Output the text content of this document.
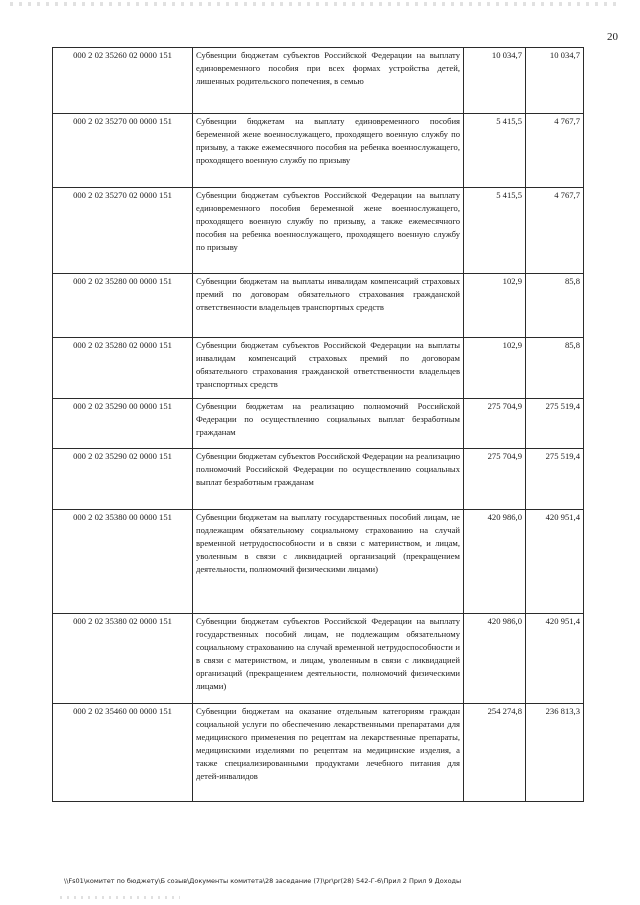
20
000 2 02 35260 02 0000 151	Субвенции бюджетам субъектов Российской Федерации на выплату единовременного пособия при всех формах устройства детей, лишенных родительского попечения, в семью	10 034,7	10 034,7
000 2 02 35270 00 0000 151	Субвенции бюджетам на выплату единовременного пособия беременной жене военнослужащего, проходящего военную службу по призыву, а также ежемесячного пособия на ребенка военнослужащего, проходящего военную службу по призыву	5 415,5	4 767,7
000 2 02 35270 02 0000 151	Субвенции бюджетам субъектов Российской Федерации на выплату единовременного пособия беременной жене военнослужащего, проходящего военную службу по призыву, а также ежемесячного пособия на ребенка военнослужащего, проходящего военную службу по призыву	5 415,5	4 767,7
000 2 02 35280 00 0000 151	Субвенции бюджетам на выплаты инвалидам компенсаций страховых премий по договорам обязательного страхования гражданской ответственности владельцев транспортных средств	102,9	85,8
000 2 02 35280 02 0000 151	Субвенции бюджетам субъектов Российской Федерации на выплаты инвалидам компенсаций страховых премий по договорам обязательного страхования гражданской ответственности владельцев транспортных средств	102,9	85,8
000 2 02 35290 00 0000 151	Субвенции бюджетам на реализацию полномочий Российской Федерации по осуществлению социальных выплат безработным гражданам	275 704,9	275 519,4
000 2 02 35290 02 0000 151	Субвенции бюджетам субъектов Российской Федерации на реализацию полномочий Российской Федерации по осуществлению социальных выплат безработным гражданам	275 704,9	275 519,4
000 2 02 35380 00 0000 151	Субвенции бюджетам на выплату государственных пособий лицам, не подлежащим обязательному социальному страхованию на случай временной нетрудоспособности и в связи с материнством, и лицам, уволенным в связи с ликвидацией организаций (прекращением деятельности, полномочий физическими лицами)	420 986,0	420 951,4
000 2 02 35380 02 0000 151	Субвенции бюджетам субъектов Российской Федерации на выплату государственных пособий лицам, не подлежащим обязательному социальному страхованию на случай временной нетрудоспособности и в связи с материнством, и лицам, уволенным в связи с ликвидацией организаций (прекращением деятельности, полномочий физическими лицами)	420 986,0	420 951,4
000 2 02 35460 00 0000 151	Субвенции бюджетам на оказание отдельным категориям граждан социальной услуги по обеспечению лекарственными препаратами для медицинского применения по рецептам на лекарственные препараты, медицинскими изделиями по рецептам на медицинские изделия, а также специализированными продуктами лечебного питания для детей-инвалидов	254 274,8	236 813,3
\\Fs01\комитет по бюджету\Б созыв\Документы комитета\28 заседание (7)\pr\pr(28) 542-Г-6\Прил 2 Прил 9 Доходы
